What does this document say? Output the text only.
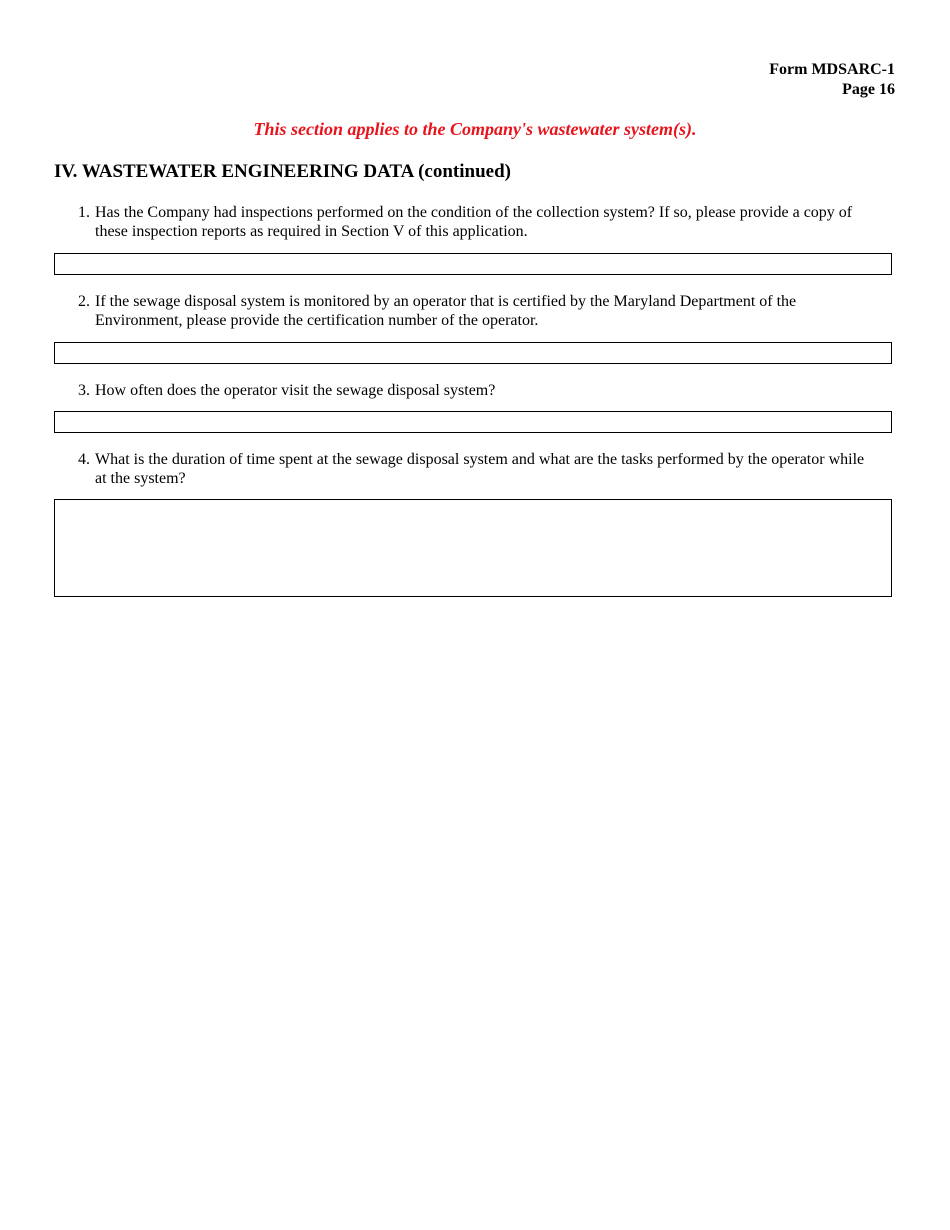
Form MDSARC-1
Page 16
This section applies to the Company's wastewater system(s).
IV. WASTEWATER ENGINEERING DATA (continued)
1. Has the Company had inspections performed on the condition of the collection system? If so, please provide a copy of these inspection reports as required in Section V of this application.
2. If the sewage disposal system is monitored by an operator that is certified by the Maryland Department of the Environment, please provide the certification number of the operator.
3. How often does the operator visit the sewage disposal system?
4. What is the duration of time spent at the sewage disposal system and what are the tasks performed by the operator while at the system?
